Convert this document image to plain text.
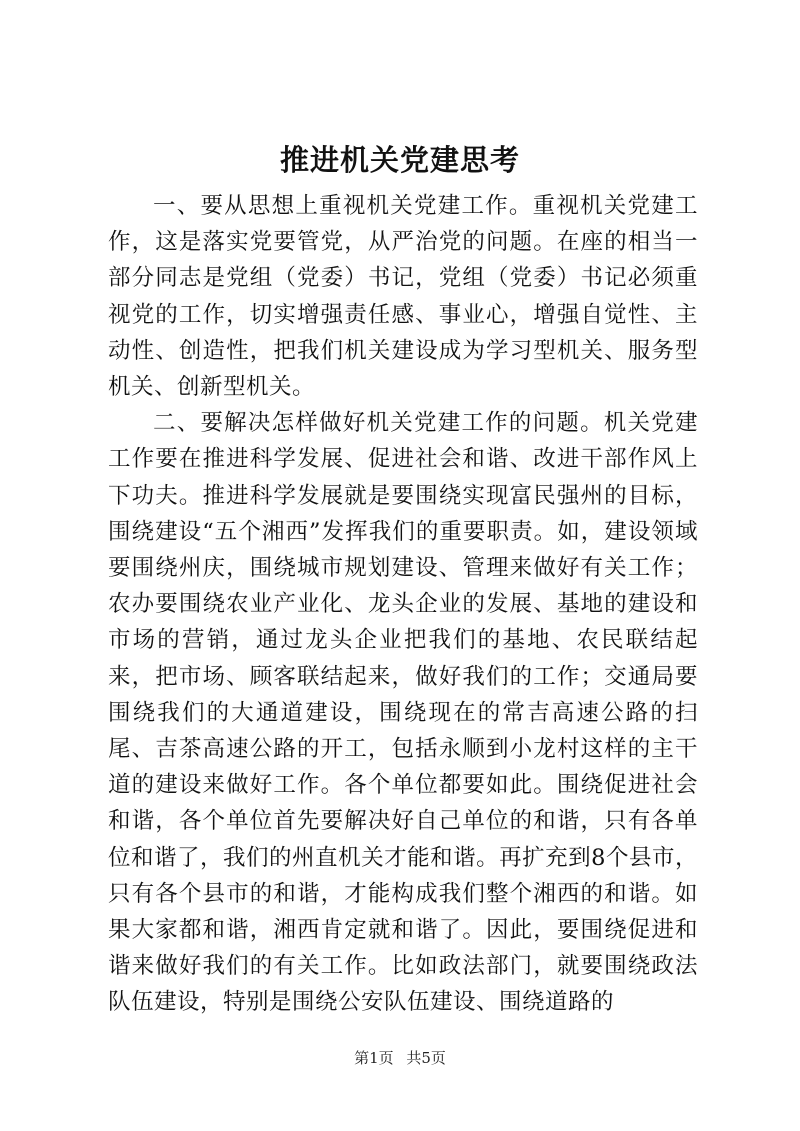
推进机关党建思考

一、要从思想上重视机关党建工作。重视机关党建工作，这是落实党要管党，从严治党的问题。在座的相当一部分同志是党组（党委）书记，党组（党委）书记必须重视党的工作，切实增强责任感、事业心，增强自觉性、主动性、创造性，把我们机关建设成为学习型机关、服务型机关、创新型机关。

二、要解决怎样做好机关党建工作的问题。机关党建工作要在推进科学发展、促进社会和谐、改进干部作风上下功夫。推进科学发展就是要围绕实现富民强州的目标，围绕建设“五个湘西”发挥我们的重要职责。如，建设领域要围绕州庆，围绕城市规划建设、管理来做好有关工作；农办要围绕农业产业化、龙头企业的发展、基地的建设和市场的营销，通过龙头企业把我们的基地、农民联结起来，把市场、顾客联结起来，做好我们的工作；交通局要围绕我们的大通道建设，围绕现在的常吉高速公路的扫尾、吉茶高速公路的开工，包括永顺到小龙村这样的主干道的建设来做好工作。各个单位都要如此。围绕促进社会和谐，各个单位首先要解决好自己单位的和谐，只有各单位和谐了，我们的州直机关才能和谐。再扩充到8个县市，只有各个县市的和谐，才能构成我们整个湘西的和谐。如果大家都和谐，湘西肯定就和谐了。因此，要围绕促进和谐来做好我们的有关工作。比如政法部门，就要围绕政法队伍建设，特别是围绕公安队伍建设、围绕道路的

第1页 共5页
